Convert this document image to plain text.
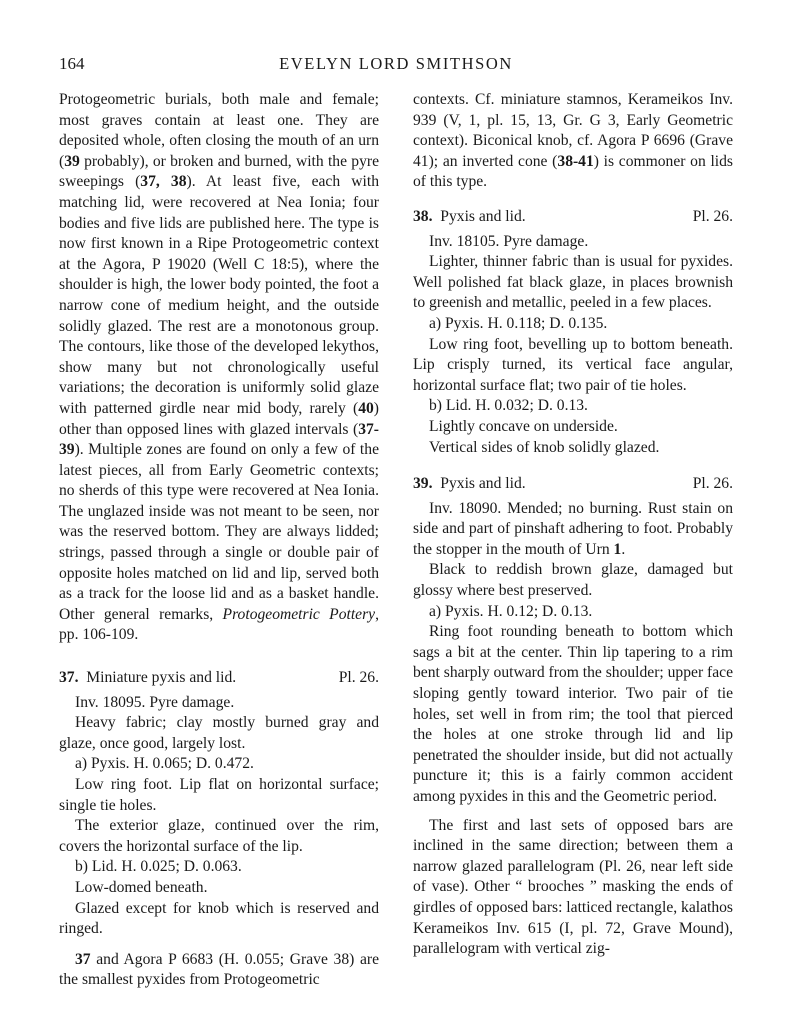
164	EVELYN LORD SMITHSON

Protogeometric burials, both male and female; most graves contain at least one. They are deposited whole, often closing the mouth of an urn (39 probably), or broken and burned, with the pyre sweepings (37, 38). At least five, each with matching lid, were recovered at Nea Ionia; four bodies and five lids are published here. The type is now first known in a Ripe Protogeometric context at the Agora, P 19020 (Well C 18:5), where the shoulder is high, the lower body pointed, the foot a narrow cone of medium height, and the outside solidly glazed. The rest are a monotonous group. The contours, like those of the developed lekythos, show many but not chronologically useful variations; the decoration is uniformly solid glaze with patterned girdle near mid body, rarely (40) other than opposed lines with glazed intervals (37-39). Multiple zones are found on only a few of the latest pieces, all from Early Geometric contexts; no sherds of this type were recovered at Nea Ionia. The unglazed inside was not meant to be seen, nor was the reserved bottom. They are always lidded; strings, passed through a single or double pair of opposite holes matched on lid and lip, served both as a track for the loose lid and as a basket handle. Other general remarks, Protogeometric Pottery, pp. 106-109.

37. Miniature pyxis and lid.	Pl. 26.

Inv. 18095. Pyre damage.

Heavy fabric; clay mostly burned gray and glaze, once good, largely lost.

a) Pyxis. H. 0.065; D. 0.472.

Low ring foot. Lip flat on horizontal surface; single tie holes.

The exterior glaze, continued over the rim, covers the horizontal surface of the lip.

b) Lid. H. 0.025; D. 0.063.

Low-domed beneath.

Glazed except for knob which is reserved and ringed.

37 and Agora P 6683 (H. 0.055; Grave 38) are the smallest pyxides from Protogeometric

contexts. Cf. miniature stamnos, Kerameikos Inv. 939 (V, 1, pl. 15, 13, Gr. G 3, Early Geometric context). Biconical knob, cf. Agora P 6696 (Grave 41); an inverted cone (38-41) is commoner on lids of this type.

38. Pyxis and lid.	Pl. 26.

Inv. 18105. Pyre damage.

Lighter, thinner fabric than is usual for pyxides. Well polished fat black glaze, in places brownish to greenish and metallic, peeled in a few places.

a) Pyxis. H. 0.118; D. 0.135.

Low ring foot, bevelling up to bottom beneath. Lip crisply turned, its vertical face angular, horizontal surface flat; two pair of tie holes.

b) Lid. H. 0.032; D. 0.13.

Lightly concave on underside.

Vertical sides of knob solidly glazed.

39. Pyxis and lid.	Pl. 26.

Inv. 18090. Mended; no burning. Rust stain on side and part of pinshaft adhering to foot. Probably the stopper in the mouth of Urn 1.

Black to reddish brown glaze, damaged but glossy where best preserved.

a) Pyxis. H. 0.12; D. 0.13.

Ring foot rounding beneath to bottom which sags a bit at the center. Thin lip tapering to a rim bent sharply outward from the shoulder; upper face sloping gently toward interior. Two pair of tie holes, set well in from rim; the tool that pierced the holes at one stroke through lid and lip penetrated the shoulder inside, but did not actually puncture it; this is a fairly common accident among pyxides in this and the Geometric period.

The first and last sets of opposed bars are inclined in the same direction; between them a narrow glazed parallelogram (Pl. 26, near left side of vase). Other “ brooches ” masking the ends of girdles of opposed bars: latticed rectangle, kalathos Kerameikos Inv. 615 (I, pl. 72, Grave Mound), parallelogram with vertical zig-
